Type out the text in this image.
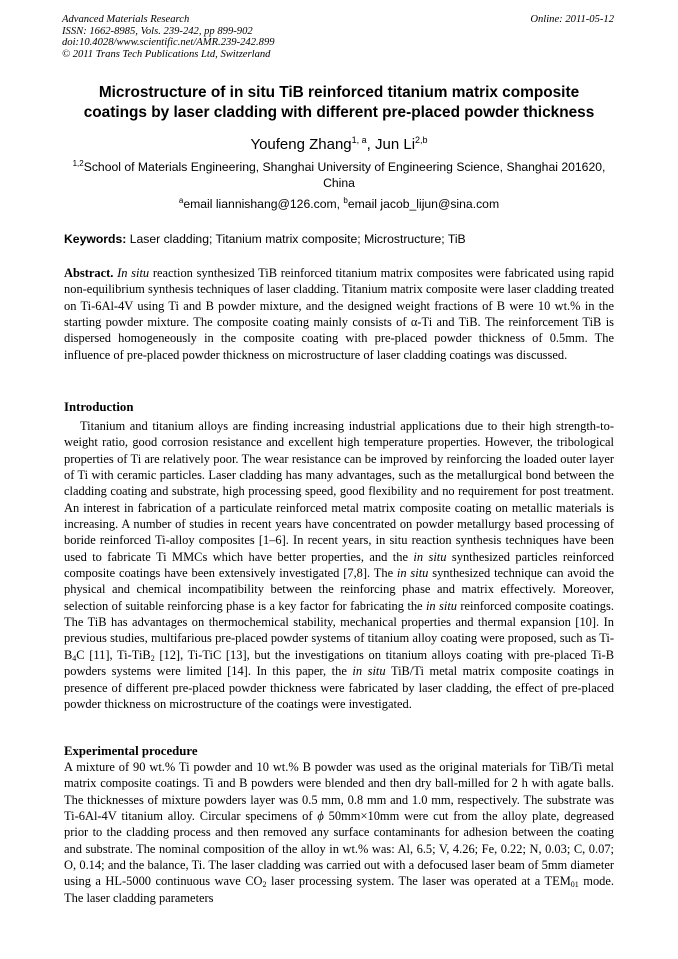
Advanced Materials Research
ISSN: 1662-8985, Vols. 239-242, pp 899-902
doi:10.4028/www.scientific.net/AMR.239-242.899
© 2011 Trans Tech Publications Ltd, Switzerland
Online: 2011-05-12
Microstructure of in situ TiB reinforced titanium matrix composite
coatings by laser cladding with different pre-placed powder thickness
Youfeng Zhang$^{1, a}$, Jun Li$^{2,b}$
$^{1,2}$School of Materials Engineering, Shanghai University of Engineering Science, Shanghai 201620, China
$^a$email liannishang@126.com, $^b$email jacob_lijun@sina.com
Keywords: Laser cladding; Titanium matrix composite; Microstructure; TiB
Abstract. In situ reaction synthesized TiB reinforced titanium matrix composites were fabricated using rapid non-equilibrium synthesis techniques of laser cladding. Titanium matrix composite were laser cladding treated on Ti-6Al-4V using Ti and B powder mixture, and the designed weight fractions of B were 10 wt.% in the starting powder mixture. The composite coating mainly consists of α-Ti and TiB. The reinforcement TiB is dispersed homogeneously in the composite coating with pre-placed powder thickness of 0.5mm. The influence of pre-placed powder thickness on microstructure of laser cladding coatings was discussed.
Introduction
Titanium and titanium alloys are finding increasing industrial applications due to their high strength-to-weight ratio, good corrosion resistance and excellent high temperature properties. However, the tribological properties of Ti are relatively poor. The wear resistance can be improved by reinforcing the loaded outer layer of Ti with ceramic particles. Laser cladding has many advantages, such as the metallurgical bond between the cladding coating and substrate, high processing speed, good flexibility and no requirement for post treatment. An interest in fabrication of a particulate reinforced metal matrix composite coating on metallic materials is increasing. A number of studies in recent years have concentrated on powder metallurgy based processing of boride reinforced Ti-alloy composites [1–6]. In recent years, in situ reaction synthesis techniques have been used to fabricate Ti MMCs which have better properties, and the in situ synthesized particles reinforced composite coatings have been extensively investigated [7,8]. The in situ synthesized technique can avoid the physical and chemical incompatibility between the reinforcing phase and matrix effectively. Moreover, selection of suitable reinforcing phase is a key factor for fabricating the in situ reinforced composite coatings. The TiB has advantages on thermochemical stability, mechanical properties and thermal expansion [10]. In previous studies, multifarious pre-placed powder systems of titanium alloy coating were proposed, such as $Ti-B_4C$ [11], Ti-TiB$_2$ [12], Ti-TiC [13], but the investigations on titanium alloys coating with pre-placed Ti-B powders systems were limited [14]. In this paper, the in situ TiB/Ti metal matrix composite coatings in presence of different pre-placed powder thickness were fabricated by laser cladding, the effect of pre-placed powder thickness on microstructure of the coatings were investigated.
Experimental procedure
A mixture of 90 wt.% Ti powder and 10 wt.% B powder was used as the original materials for TiB/Ti metal matrix composite coatings. Ti and B powders were blended and then dry ball-milled for 2 h with agate balls. The thicknesses of mixture powders layer was 0.5 mm, 0.8 mm and 1.0 mm, respectively. The substrate was Ti-6Al-4V titanium alloy. Circular specimens of ϕ 50mm×10mm were cut from the alloy plate, degreased prior to the cladding process and then removed any surface contaminants for adhesion between the coating and substrate. The nominal composition of the alloy in wt.% was: Al, 6.5; V, 4.26; Fe, 0.22; N, 0.03; C, 0.07; O, 0.14; and the balance, Ti. The laser cladding was carried out with a defocused laser beam of 5mm diameter using a HL-5000 continuous wave $CO_2$ laser processing system. The laser was operated at a $TEM_{01}$ mode. The laser cladding parameters
